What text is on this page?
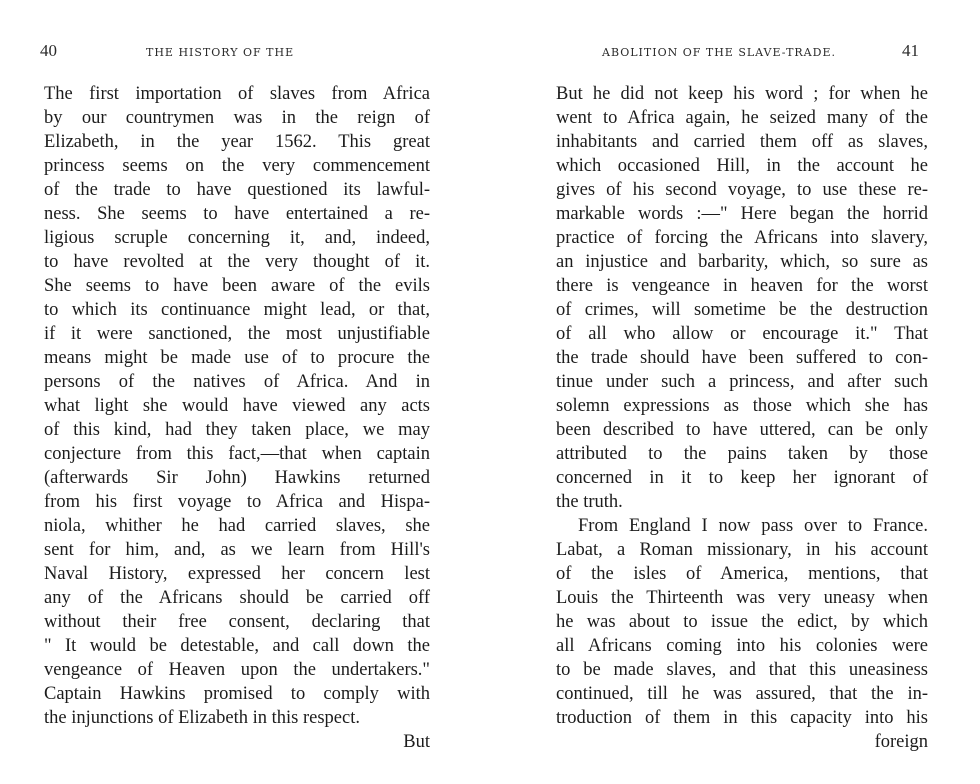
40	THE HISTORY OF THE
The first importation of slaves from Africa
by our countrymen was in the reign of
Elizabeth, in the year 1562. This great
princess seems on the very commencement
of the trade to have questioned its lawful-
ness. She seems to have entertained a re-
ligious scruple concerning it, and, indeed,
to have revolted at the very thought of it.
She seems to have been aware of the evils
to which its continuance might lead, or that,
if it were sanctioned, the most unjustifiable
means might be made use of to procure the
persons of the natives of Africa. And in
what light she would have viewed any acts
of this kind, had they taken place, we may
conjecture from this fact,—that when captain
(afterwards Sir John) Hawkins returned
from his first voyage to Africa and Hispa-
niola, whither he had carried slaves, she
sent for him, and, as we learn from Hill's
Naval History, expressed her concern lest
any of the Africans should be carried off
without their free consent, declaring that
" It would be detestable, and call down the
vengeance of Heaven upon the undertakers."
Captain Hawkins promised to comply with
the injunctions of Elizabeth in this respect.
But
ABOLITION OF THE SLAVE-TRADE.	41
But he did not keep his word ; for when he
went to Africa again, he seized many of the
inhabitants and carried them off as slaves,
which occasioned Hill, in the account he
gives of his second voyage, to use these re-
markable words :—" Here began the horrid
practice of forcing the Africans into slavery,
an injustice and barbarity, which, so sure as
there is vengeance in heaven for the worst
of crimes, will sometime be the destruction
of all who allow or encourage it." That
the trade should have been suffered to con-
tinue under such a princess, and after such
solemn expressions as those which she has
been described to have uttered, can be only
attributed to the pains taken by those
concerned in it to keep her ignorant of
the truth.
From England I now pass over to France.
Labat, a Roman missionary, in his account
of the isles of America, mentions, that
Louis the Thirteenth was very uneasy when
he was about to issue the edict, by which
all Africans coming into his colonies were
to be made slaves, and that this uneasiness
continued, till he was assured, that the in-
troduction of them in this capacity into his
foreign
